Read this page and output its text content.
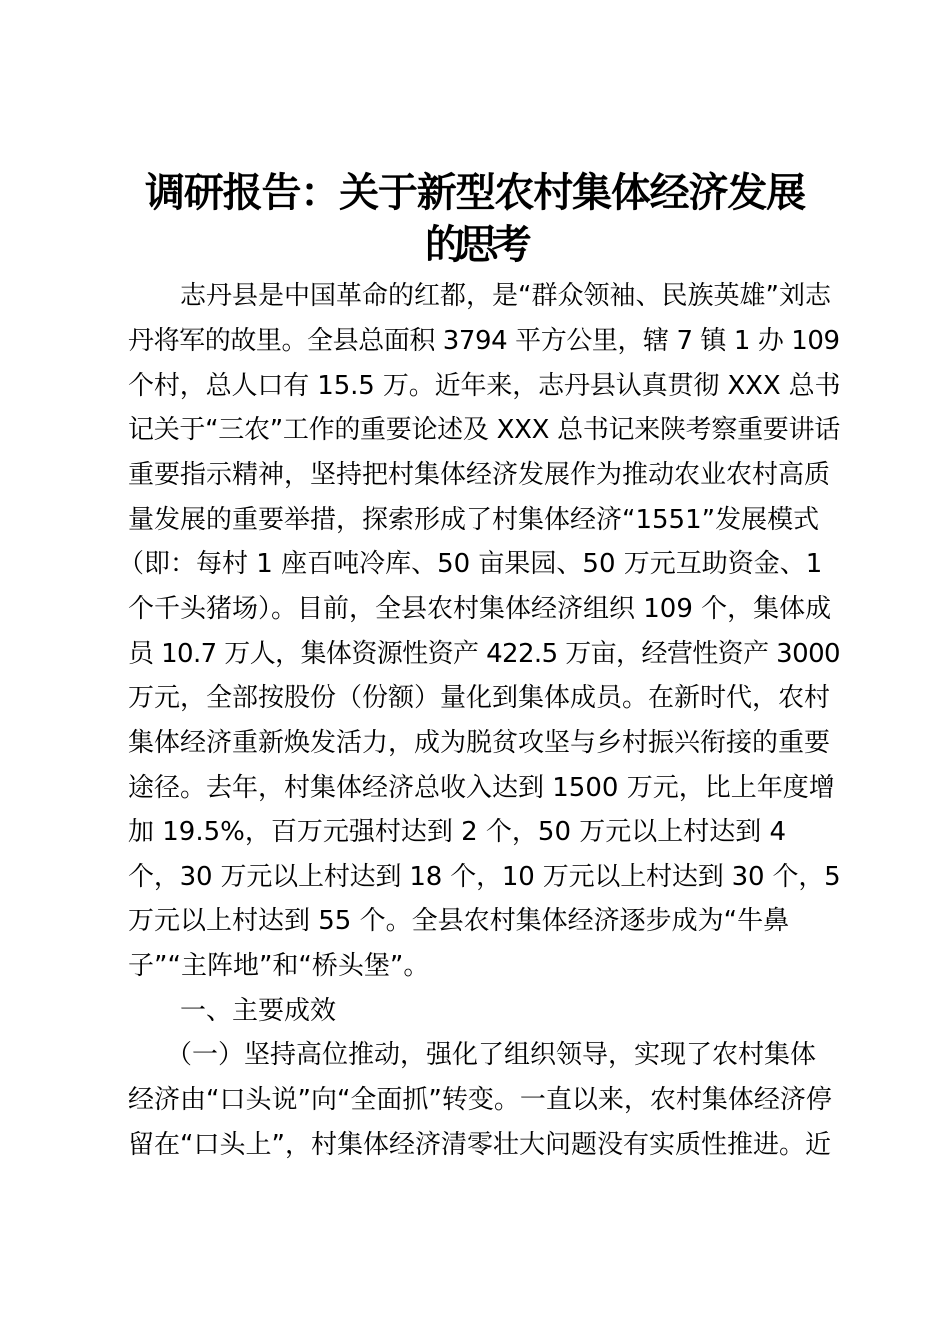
调研报告：关于新型农村集体经济发展
的思考
志丹县是中国革命的红都，是“群众领袖、民族英雄”刘志
丹将军的故里。全县总面积 3794 平方公里，辖 7 镇 1 办 109
个村，总人口有 15.5 万。近年来，志丹县认真贯彻 XXX 总书
记关于“三农”工作的重要论述及 XXX 总书记来陕考察重要讲话
重要指示精神，坚持把村集体经济发展作为推动农业农村高质
量发展的重要举措，探索形成了村集体经济“1551”发展模式
（即：每村 1 座百吨冷库、50 亩果园、50 万元互助资金、1
个千头猪场）。目前，全县农村集体经济组织 109 个，集体成
员 10.7 万人，集体资源性资产 422.5 万亩，经营性资产 3000
万元，全部按股份（份额）量化到集体成员。在新时代，农村
集体经济重新焕发活力，成为脱贫攻坚与乡村振兴衔接的重要
途径。去年，村集体经济总收入达到 1500 万元，比上年度增
加 19.5%，百万元强村达到 2 个，50 万元以上村达到 4
个，30 万元以上村达到 18 个，10 万元以上村达到 30 个，5
万元以上村达到 55 个。全县农村集体经济逐步成为“牛鼻
子”“主阵地”和“桥头堡”。
一、主要成效
（一）坚持高位推动，强化了组织领导，实现了农村集体
经济由“口头说”向“全面抓”转变。一直以来，农村集体经济停
留在“口头上”，村集体经济清零壮大问题没有实质性推进。近
